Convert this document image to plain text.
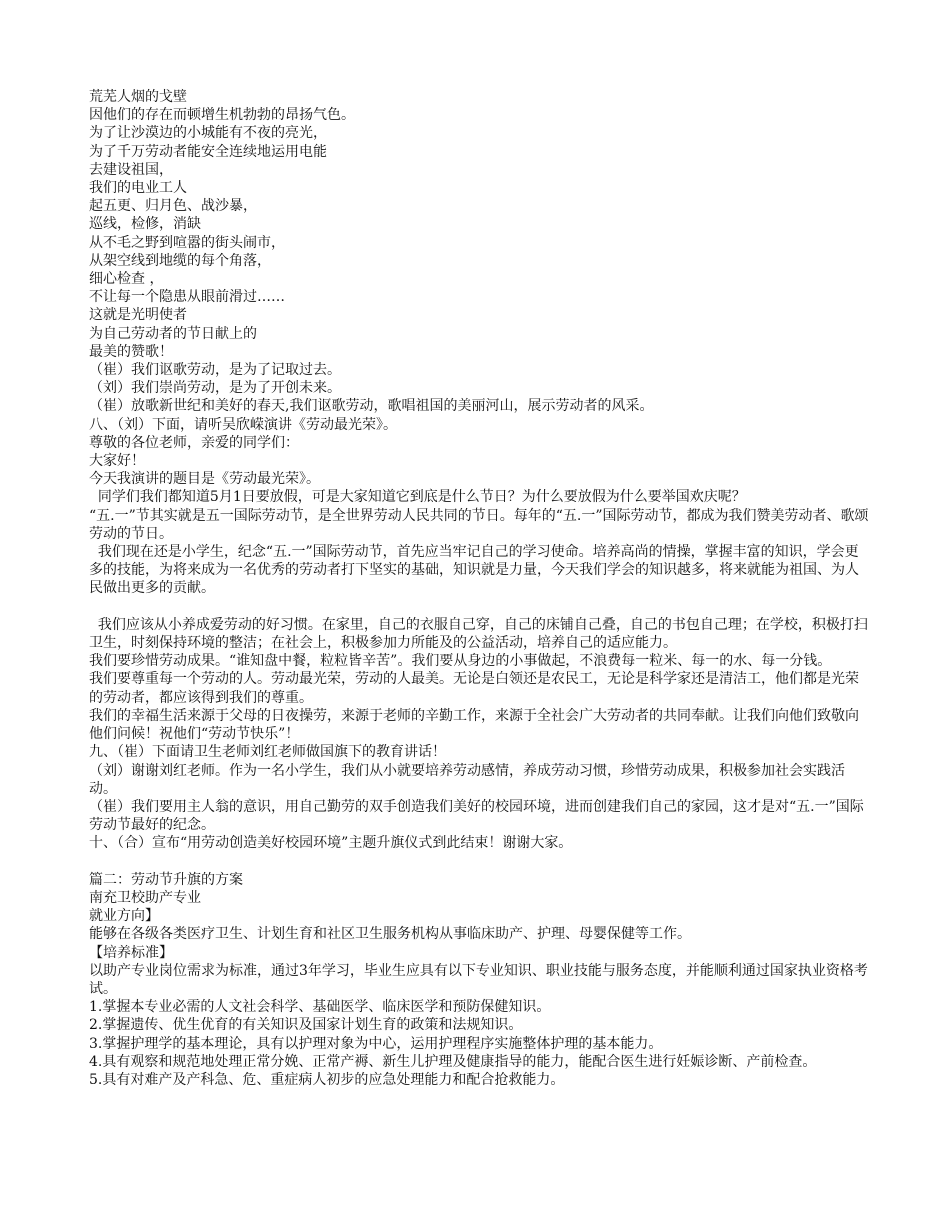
荒芜人烟的戈壁
因他们的存在而顿增生机勃勃的昂扬气色。
为了让沙漠边的小城能有不夜的亮光，
为了千万劳动者能安全连续地运用电能
去建设祖国，
我们的电业工人
起五更、归月色、战沙暴，
巡线，检修，消缺
从不毛之野到喧嚣的街头闹市，
从架空线到地缆的每个角落，
细心检查 ，
不让每一个隐患从眼前滑过……
这就是光明使者
为自己劳动者的节日献上的
最美的赞歌！
（崔）我们讴歌劳动，是为了记取过去。
（刘）我们崇尚劳动，是为了开创未来。
（崔）放歌新世纪和美好的春天,我们讴歌劳动，歌唱祖国的美丽河山，展示劳动者的风采。
八、（刘）下面，请听吴欣嵘演讲《劳动最光荣》。
尊敬的各位老师，亲爱的同学们：
大家好！
今天我演讲的题目是《劳动最光荣》。
同学们我们都知道5月1日要放假，可是大家知道它到底是什么节日？为什么要放假为什么要举国欢庆呢？
“五.一”节其实就是五一国际劳动节，是全世界劳动人民共同的节日。每年的“五.一”国际劳动节，都成为我们赞美劳动者、歌颂劳动的节日。
我们现在还是小学生，纪念“五.一”国际劳动节，首先应当牢记自己的学习使命。培养高尚的情操，掌握丰富的知识，学会更多的技能，为将来成为一名优秀的劳动者打下坚实的基础，知识就是力量，今天我们学会的知识越多，将来就能为祖国、为人民做出更多的贡献。
我们应该从小养成爱劳动的好习惯。在家里，自己的衣服自己穿，自己的床铺自己叠，自己的书包自己理；在学校，积极打扫卫生，时刻保持环境的整洁；在社会上，积极参加力所能及的公益活动，培养自己的适应能力。
我们要珍惜劳动成果。“谁知盘中餐，粒粒皆辛苦”。我们要从身边的小事做起，不浪费每一粒米、每一的水、每一分钱。
我们要尊重每一个劳动的人。劳动最光荣，劳动的人最美。无论是白领还是农民工，无论是科学家还是清洁工，他们都是光荣的劳动者，都应该得到我们的尊重。
我们的幸福生活来源于父母的日夜操劳，来源于老师的辛勤工作，来源于全社会广大劳动者的共同奉献。让我们向他们致敬向他们问候！祝他们“劳动节快乐”！
九、（崔）下面请卫生老师刘红老师做国旗下的教育讲话！
（刘）谢谢刘红老师。作为一名小学生，我们从小就要培养劳动感情，养成劳动习惯，珍惜劳动成果，积极参加社会实践活动。
（崔）我们要用主人翁的意识，用自己勤劳的双手创造我们美好的校园环境，进而创建我们自己的家园，这才是对“五.一”国际劳动节最好的纪念。
十、（合）宣布“用劳动创造美好校园环境”主题升旗仪式到此结束！谢谢大家。
篇二：劳动节升旗的方案
南充卫校助产专业
就业方向】
能够在各级各类医疗卫生、计划生育和社区卫生服务机构从事临床助产、护理、母婴保健等工作。
【培养标准】
以助产专业岗位需求为标准，通过3年学习，毕业生应具有以下专业知识、职业技能与服务态度，并能顺利通过国家执业资格考试。
1.掌握本专业必需的人文社会科学、基础医学、临床医学和预防保健知识。
2.掌握遗传、优生优育的有关知识及国家计划生育的政策和法规知识。
3.掌握护理学的基本理论，具有以护理对象为中心，运用护理程序实施整体护理的基本能力。
4.具有观察和规范地处理正常分娩、正常产褥、新生儿护理及健康指导的能力，能配合医生进行妊娠诊断、产前检查。
5.具有对难产及产科急、危、重症病人初步的应急处理能力和配合抢救能力。
